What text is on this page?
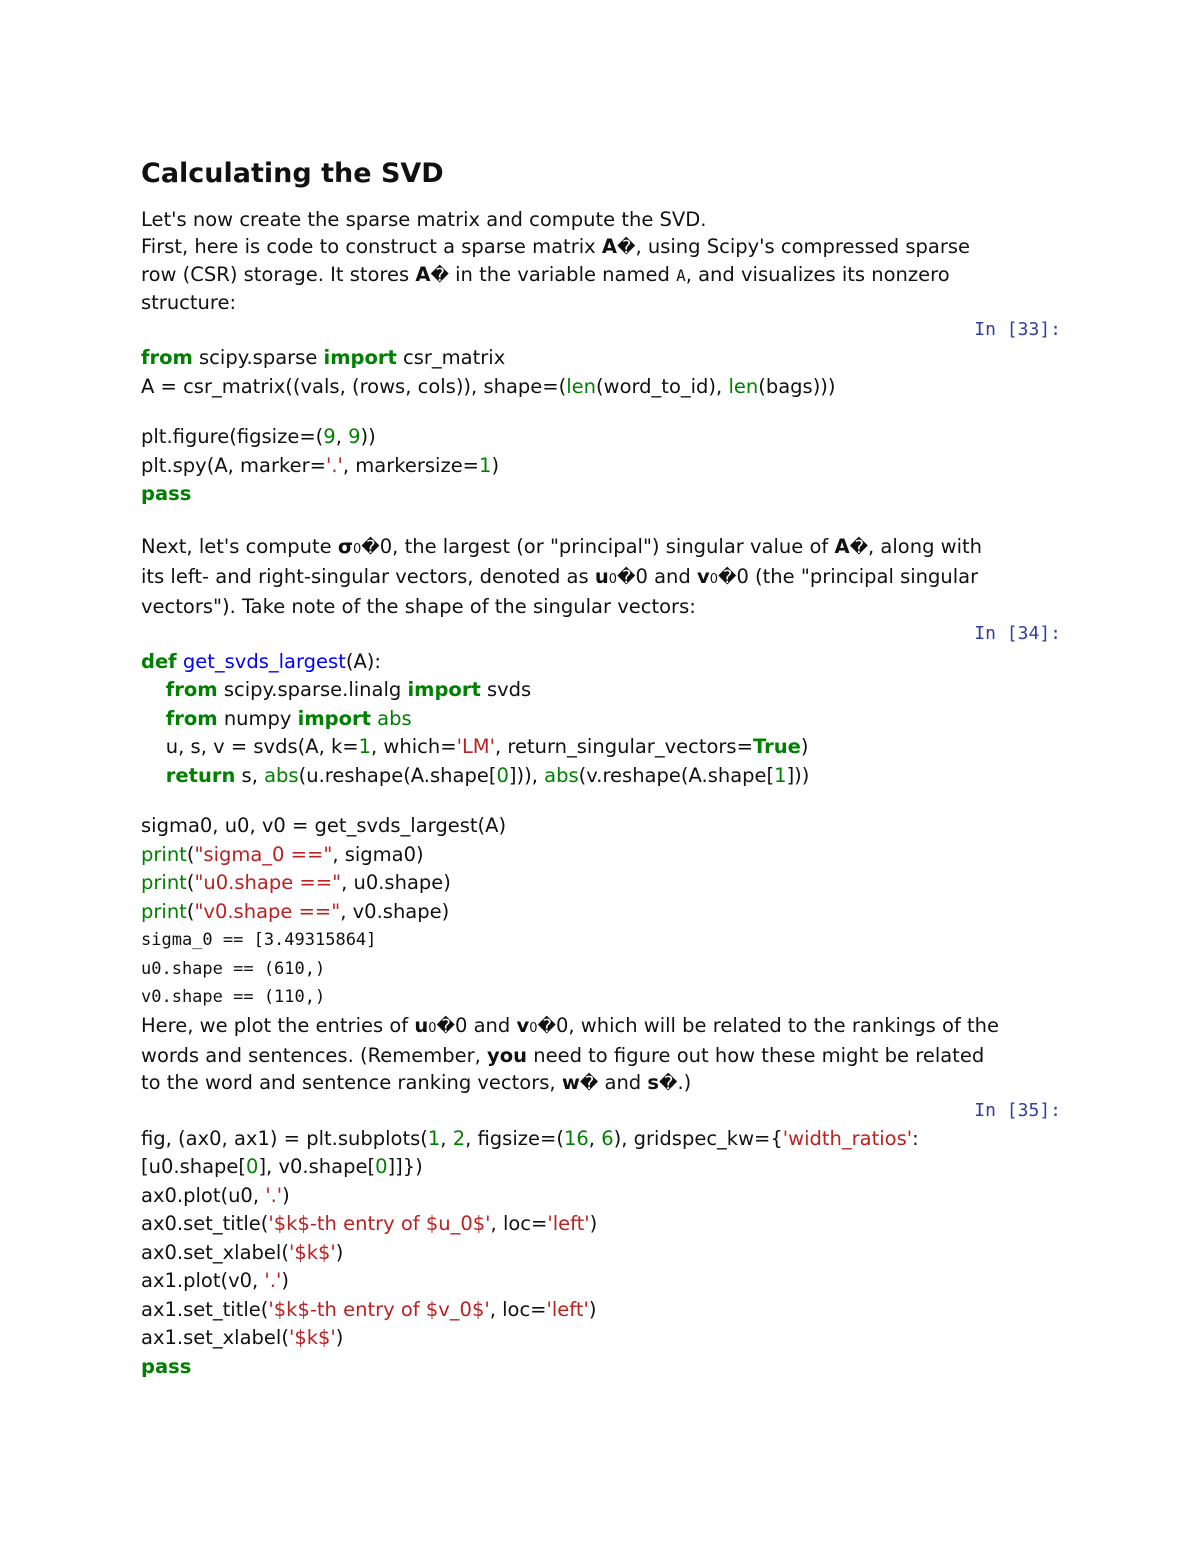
Calculating the SVD
Let's now create the sparse matrix and compute the SVD.
First, here is code to construct a sparse matrix A�, using Scipy's compressed sparse
row (CSR) storage. It stores A� in the variable named A, and visualizes its nonzero
structure:
In [33]:
from scipy.sparse import csr_matrix
A = csr_matrix((vals, (rows, cols)), shape=(len(word_to_id), len(bags)))
plt.figure(figsize=(9, 9))
plt.spy(A, marker='.', markersize=1)
pass
Next, let's compute σ0�0, the largest (or "principal") singular value of A�, along with
its left- and right-singular vectors, denoted as u0�0 and v0�0 (the "principal singular
vectors"). Take note of the shape of the singular vectors:
In [34]:
def get_svds_largest(A):
from scipy.sparse.linalg import svds
from numpy import abs
u, s, v = svds(A, k=1, which='LM', return_singular_vectors=True)
return s, abs(u.reshape(A.shape[0])), abs(v.reshape(A.shape[1]))
sigma0, u0, v0 = get_svds_largest(A)
print("sigma_0 ==", sigma0)
print("u0.shape ==", u0.shape)
print("v0.shape ==", v0.shape)
sigma_0 == [3.49315864]
u0.shape == (610,)
v0.shape == (110,)
Here, we plot the entries of u0�0 and v0�0, which will be related to the rankings of the
words and sentences. (Remember, you need to figure out how these might be related
to the word and sentence ranking vectors, w� and s�.)
In [35]:
fig, (ax0, ax1) = plt.subplots(1, 2, figsize=(16, 6), gridspec_kw={'width_ratios':
[u0.shape[0], v0.shape[0]]})
ax0.plot(u0, '.')
ax0.set_title('$k$-th entry of $u_0$', loc='left')
ax0.set_xlabel('$k$')
ax1.plot(v0, '.')
ax1.set_title('$k$-th entry of $v_0$', loc='left')
ax1.set_xlabel('$k$')
pass
